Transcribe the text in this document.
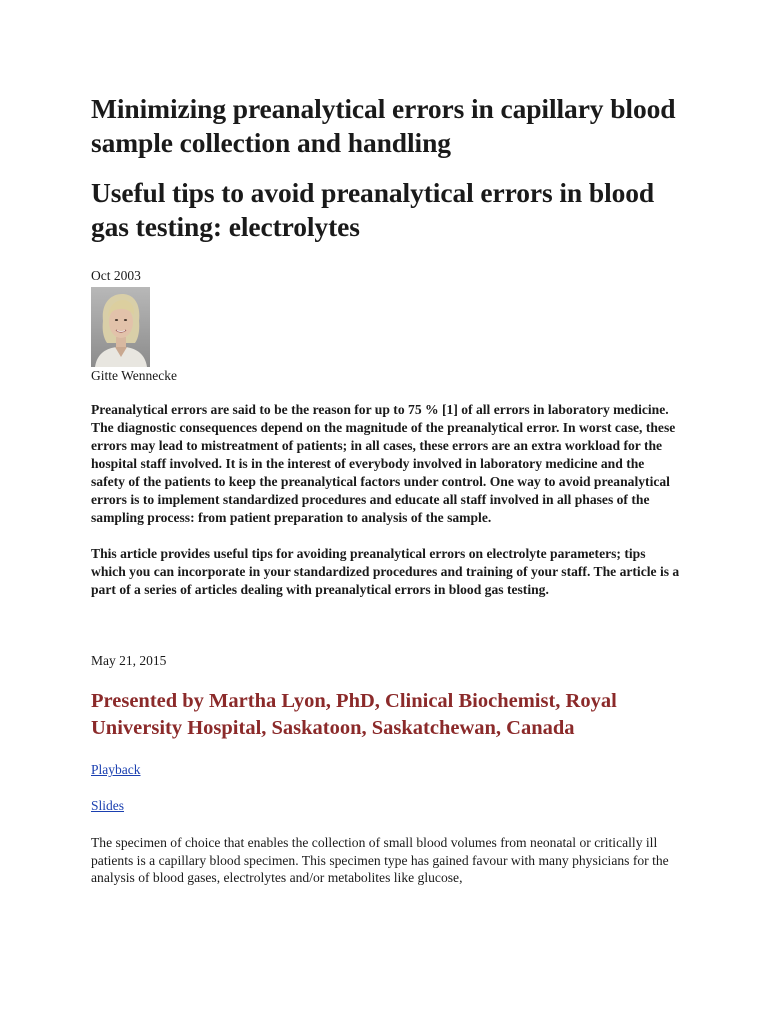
Minimizing preanalytical errors in capillary blood sample collection and handling
Useful tips to avoid preanalytical errors in blood gas testing: electrolytes
Oct 2003
Gitte Wennecke

Preanalytical errors are said to be the reason for up to 75 % [1] of all errors in laboratory medicine. The diagnostic consequences depend on the magnitude of the preanalytical error. In worst case, these errors may lead to mistreatment of patients; in all cases, these errors are an extra workload for the hospital staff involved. It is in the interest of everybody involved in laboratory medicine and the safety of the patients to keep the preanalytical factors under control. One way to avoid preanalytical errors is to implement standardized procedures and educate all staff involved in all phases of the sampling process: from patient preparation to analysis of the sample.

This article provides useful tips for avoiding preanalytical errors on electrolyte parameters; tips which you can incorporate in your standardized procedures and training of your staff. The article is a part of a series of articles dealing with preanalytical errors in blood gas testing.

May 21, 2015
Presented by Martha Lyon, PhD, Clinical Biochemist, Royal University Hospital, Saskatoon, Saskatchewan, Canada
Playback
Slides

The specimen of choice that enables the collection of small blood volumes from neonatal or critically ill patients is a capillary blood specimen. This specimen type has gained favour with many physicians for the analysis of blood gases, electrolytes and/or metabolites like glucose,
